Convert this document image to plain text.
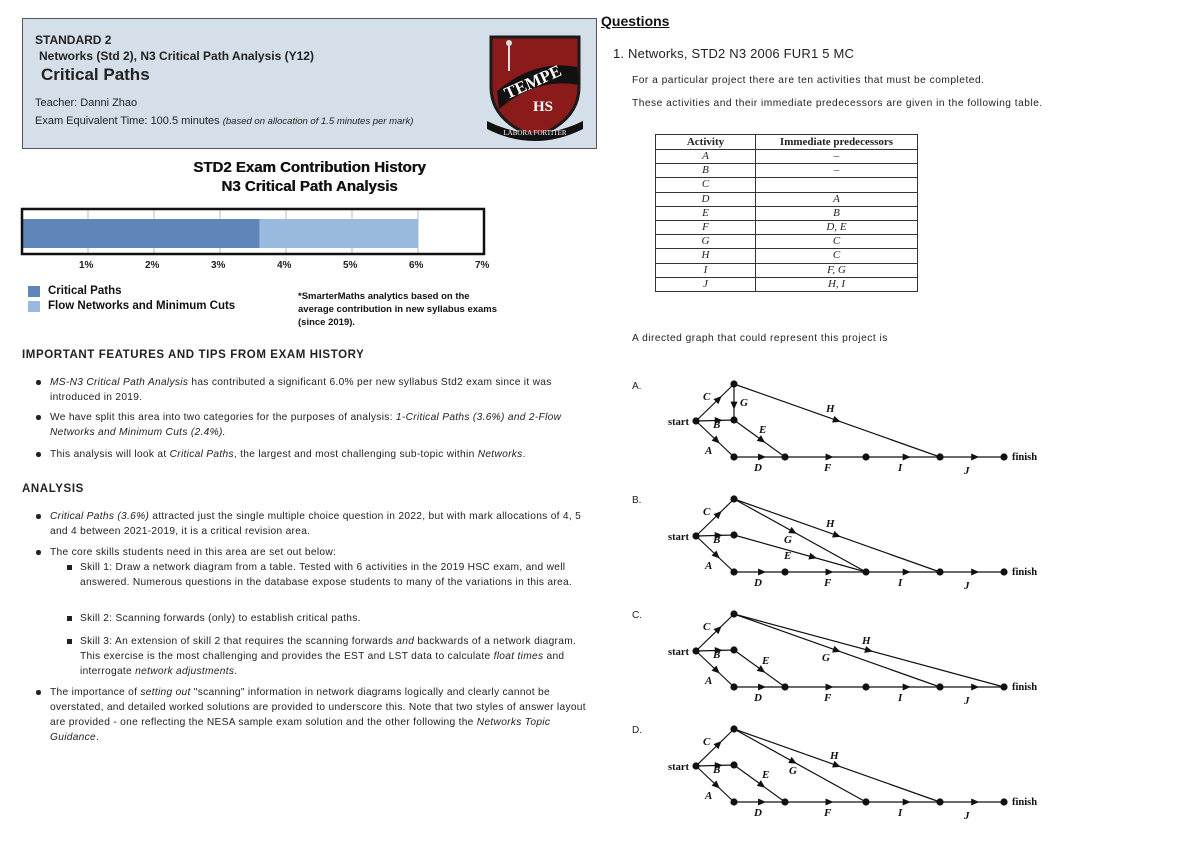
STANDARD 2
Networks (Std 2), N3 Critical Path Analysis (Y12)
Critical Paths
Teacher: Danni Zhao
Exam Equivalent Time: 100.5 minutes (based on allocation of 1.5 minutes per mark)
TEMPE
HS
LABORA FORTITER
STD2 Exam Contribution History
N3 Critical Path Analysis
1%	2%	3%	4%	5%	6%	7%
Critical Paths
Flow Networks and Minimum Cuts
*SmarterMaths analytics based on the average contribution in new syllabus exams (since 2019).
IMPORTANT FEATURES AND TIPS FROM EXAM HISTORY
MS-N3 Critical Path Analysis has contributed a significant 6.0% per new syllabus Std2 exam since it was introduced in 2019.
We have split this area into two categories for the purposes of analysis: 1-Critical Paths (3.6%) and 2-Flow Networks and Minimum Cuts (2.4%).
This analysis will look at Critical Paths, the largest and most challenging sub-topic within Networks.
ANALYSIS
Critical Paths (3.6%) attracted just the single multiple choice question in 2022, but with mark allocations of 4, 5 and 4 between 2021-2019, it is a critical revision area.
The core skills students need in this area are set out below:
Skill 1: Draw a network diagram from a table. Tested with 6 activities in the 2019 HSC exam, and well answered. Numerous questions in the database expose students to many of the variations in this area.
Skill 2: Scanning forwards (only) to establish critical paths.
Skill 3: An extension of skill 2 that requires the scanning forwards and backwards of a network diagram. This exercise is the most challenging and provides the EST and LST data to calculate float times and interrogate network adjustments.
The importance of setting out "scanning" information in network diagrams logically and clearly cannot be overstated, and detailed worked solutions are provided to underscore this. Note that two styles of answer layout are provided - one reflecting the NESA sample exam solution and the other following the Networks Topic Guidance.
Questions
1. Networks, STD2 N3 2006 FUR1 5 MC
For a particular project there are ten activities that must be completed.
These activities and their immediate predecessors are given in the following table.
Activity	Immediate predecessors
A	–
B	–
C	
D	A
E	B
F	D, E
G	C
H	C
I	F, G
J	H, I
A directed graph that could represent this project is
A.
B.
C.
D.
start
finish
C
B
A
D	F	I	J
G
E
H
start
finish
C
B
A
D	F	I	J
E
G
H
start
finish
C
B
A
D	F	I	J
E	G
H
start
finish
C
B
A
D	F	I	J
E G
H
